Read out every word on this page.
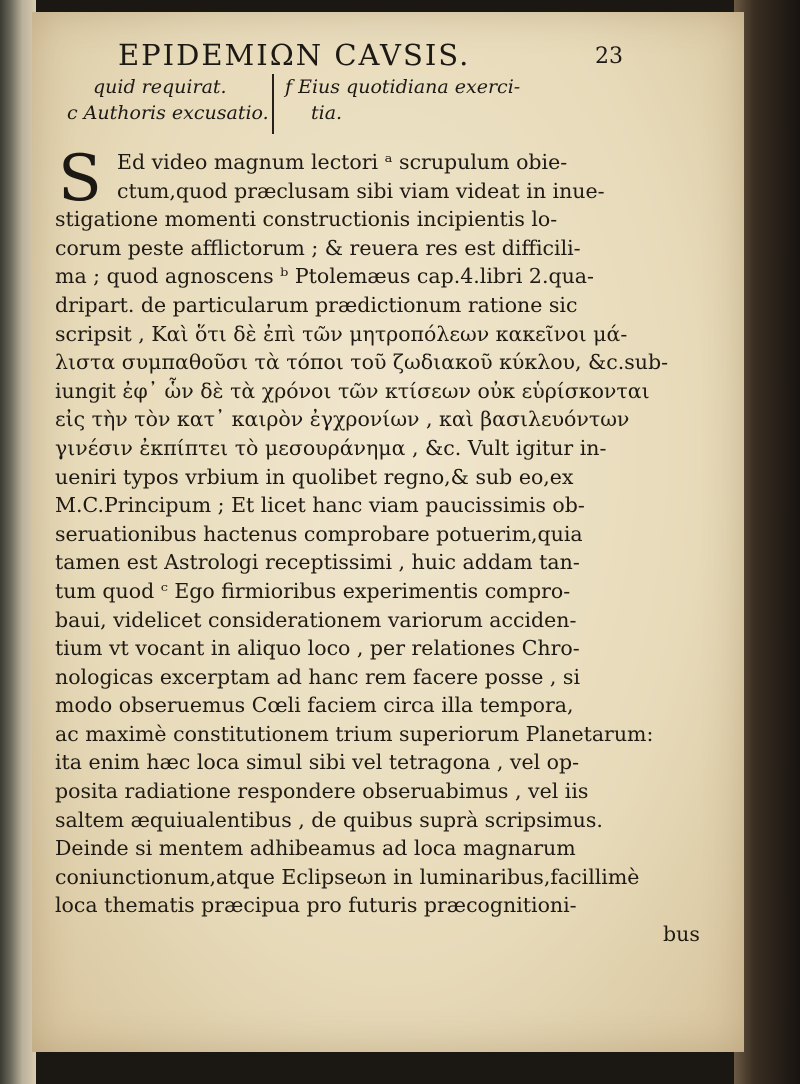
EPIDEMIΩN CAVSIS.	23
quid requirat.
c Authoris excusatio.
f Eius quotidiana exerci-
tia.
S Ed video magnum lectori ᵃ scrupulum obie-
ctum,quod præclusam sibi viam videat in inue-
stigatione momenti constructionis incipientis lo-
corum peste afflictorum ; & reuera res est difficili-
ma ; quod agnoscens ᵇ Ptolemæus cap.4.libri 2.qua-
dripart. de particularum prædictionum ratione sic
scripsit , Καὶ ὅτι δὲ ἐπὶ τῶν μητροπόλεων κακεῖνοι μά-
λιστα συμπαθοῦσι τὰ τόποι τοῦ ζωδιακοῦ κύκλου, &c.sub-
iungit ἐφ᾽ ὧν δὲ τὰ χρόνοι τῶν κτίσεων οὐκ εὑρίσκονται
εἰς τὴν τὸν κατ᾽ καιρὸν ἐγχρονίων , καὶ βασιλευόντων
γινέσιν ἐκπίπτει τὸ μεσουράνημα , &c. Vult igitur in-
ueniri typos vrbium in quolibet regno,& sub eo,ex
M.C.Principum ; Et licet hanc viam paucissimis ob-
seruationibus hactenus comprobare potuerim,quia
tamen est Astrologi receptissimi , huic addam tan-
tum quod ᶜ Ego firmioribus experimentis compro-
baui, videlicet considerationem variorum acciden-
tium vt vocant in aliquo loco , per relationes Chro-
nologicas excerptam ad hanc rem facere posse , si
modo obseruemus Cœli faciem circa illa tempora,
ac maximè constitutionem trium superiorum Planetarum:
ita enim hæc loca simul sibi vel tetragona , vel op-
posita radiatione respondere obseruabimus , vel iis
saltem æquiualentibus , de quibus suprà scripsimus.
Deinde si mentem adhibeamus ad loca magnarum
coniunctionum,atque Eclipseωn in luminaribus,facillimè
loca thematis præcipua pro futuris præcognitioni-
bus
